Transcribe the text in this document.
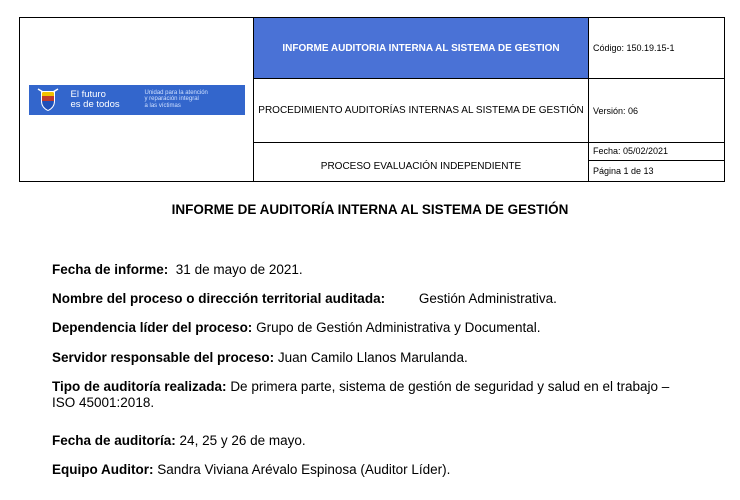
El futuro
es de todos
Unidad para la atención
y reparación integral
a las víctimas	INFORME AUDITORIA INTERNA AL SISTEMA DE GESTION	Código: 150.19.15-1
	PROCEDIMIENTO AUDITORÍAS INTERNAS AL SISTEMA DE GESTIÓN	Versión: 06
	PROCESO EVALUACIÓN INDEPENDIENTE	Fecha: 05/02/2021
Página 1 de 13
INFORME DE AUDITORÍA INTERNA AL SISTEMA DE GESTIÓN
Fecha de informe: 31 de mayo de 2021.
Nombre del proceso o dirección territorial auditada:	Gestión Administrativa.
Dependencia líder del proceso: Grupo de Gestión Administrativa y Documental.
Servidor responsable del proceso: Juan Camilo Llanos Marulanda.
Tipo de auditoría realizada: De primera parte, sistema de gestión de seguridad y salud en el trabajo – ISO 45001:2018.
Fecha de auditoría: 24, 25 y 26 de mayo.
Equipo Auditor: Sandra Viviana Arévalo Espinosa (Auditor Líder).
